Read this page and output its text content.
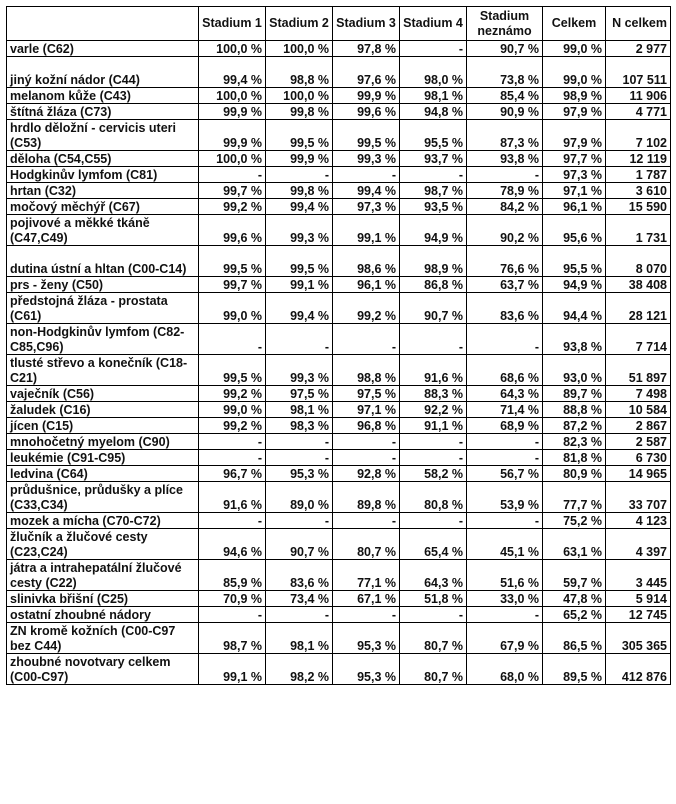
	Stadium 1	Stadium 2	Stadium 3	Stadium 4	Stadium neznámo	Celkem	N celkem
varle (C62)	100,0 %	100,0 %	97,8 %	-	90,7 %	99,0 %	2 977
jiný kožní nádor (C44)	99,4 %	98,8 %	97,6 %	98,0 %	73,8 %	99,0 %	107 511
melanom kůže (C43)	100,0 %	100,0 %	99,9 %	98,1 %	85,4 %	98,9 %	11 906
štítná žláza (C73)	99,9 %	99,8 %	99,6 %	94,8 %	90,9 %	97,9 %	4 771
hrdlo děložní - cervicis uteri (C53)	99,9 %	99,5 %	99,5 %	95,5 %	87,3 %	97,9 %	7 102
děloha (C54,C55)	100,0 %	99,9 %	99,3 %	93,7 %	93,8 %	97,7 %	12 119
Hodgkinův lymfom (C81)	-	-	-	-	-	97,3 %	1 787
hrtan (C32)	99,7 %	99,8 %	99,4 %	98,7 %	78,9 %	97,1 %	3 610
močový měchýř (C67)	99,2 %	99,4 %	97,3 %	93,5 %	84,2 %	96,1 %	15 590
pojivové a měkké tkáně (C47,C49)	99,6 %	99,3 %	99,1 %	94,9 %	90,2 %	95,6 %	1 731
dutina ústní a hltan (C00-C14)	99,5 %	99,5 %	98,6 %	98,9 %	76,6 %	95,5 %	8 070
prs - ženy (C50)	99,7 %	99,1 %	96,1 %	86,8 %	63,7 %	94,9 %	38 408
předstojná žláza - prostata (C61)	99,0 %	99,4 %	99,2 %	90,7 %	83,6 %	94,4 %	28 121
non-Hodgkinův lymfom (C82-C85,C96)	-	-	-	-	-	93,8 %	7 714
tlusté střevo a konečník (C18-C21)	99,5 %	99,3 %	98,8 %	91,6 %	68,6 %	93,0 %	51 897
vaječník (C56)	99,2 %	97,5 %	97,5 %	88,3 %	64,3 %	89,7 %	7 498
žaludek (C16)	99,0 %	98,1 %	97,1 %	92,2 %	71,4 %	88,8 %	10 584
jícen (C15)	99,2 %	98,3 %	96,8 %	91,1 %	68,9 %	87,2 %	2 867
mnohočetný myelom (C90)	-	-	-	-	-	82,3 %	2 587
leukémie (C91-C95)	-	-	-	-	-	81,8 %	6 730
ledvina (C64)	96,7 %	95,3 %	92,8 %	58,2 %	56,7 %	80,9 %	14 965
průdušnice, průdušky a plíce (C33,C34)	91,6 %	89,0 %	89,8 %	80,8 %	53,9 %	77,7 %	33 707
mozek a mícha (C70-C72)	-	-	-	-	-	75,2 %	4 123
žlučník a žlučové cesty (C23,C24)	94,6 %	90,7 %	80,7 %	65,4 %	45,1 %	63,1 %	4 397
játra a intrahepatální žlučové cesty (C22)	85,9 %	83,6 %	77,1 %	64,3 %	51,6 %	59,7 %	3 445
slinivka břišní (C25)	70,9 %	73,4 %	67,1 %	51,8 %	33,0 %	47,8 %	5 914
ostatní zhoubné nádory	-	-	-	-	-	65,2 %	12 745
ZN kromě kožních (C00-C97 bez C44)	98,7 %	98,1 %	95,3 %	80,7 %	67,9 %	86,5 %	305 365
zhoubné novotvary celkem (C00-C97)	99,1 %	98,2 %	95,3 %	80,7 %	68,0 %	89,5 %	412 876
